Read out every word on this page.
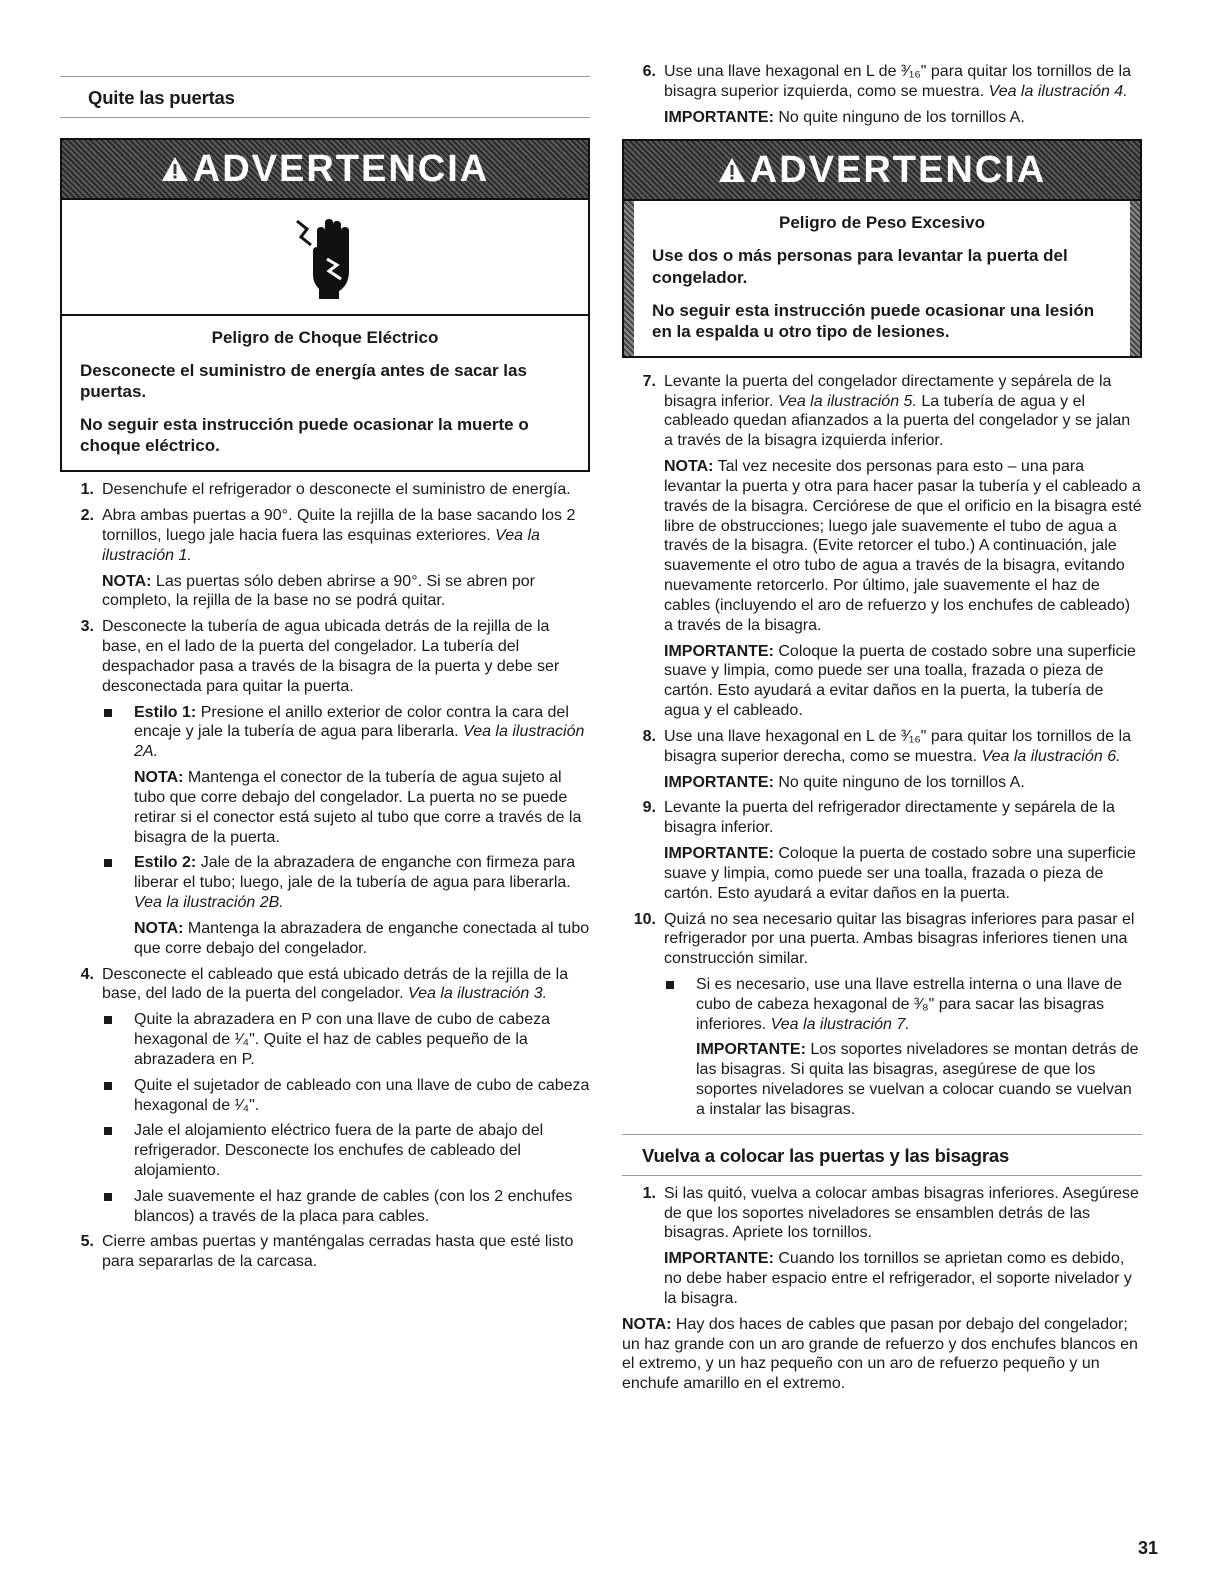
Quite las puertas
ADVERTENCIA
Peligro de Choque Eléctrico
Desconecte el suministro de energía antes de sacar las puertas.
No seguir esta instrucción puede ocasionar la muerte o choque eléctrico.
1. Desenchufe el refrigerador o desconecte el suministro de energía.

2. Abra ambas puertas a 90°. Quite la rejilla de la base sacando los 2 tornillos, luego jale hacia fuera las esquinas exteriores. Vea la ilustración 1.

NOTA: Las puertas sólo deben abrirse a 90°. Si se abren por completo, la rejilla de la base no se podrá quitar.

3. Desconecte la tubería de agua ubicada detrás de la rejilla de la base, en el lado de la puerta del congelador. La tubería del despachador pasa a través de la bisagra de la puerta y debe ser desconectada para quitar la puerta.

Estilo 1: Presione el anillo exterior de color contra la cara del encaje y jale la tubería de agua para liberarla. Vea la ilustración 2A.

NOTA: Mantenga el conector de la tubería de agua sujeto al tubo que corre debajo del congelador. La puerta no se puede retirar si el conector está sujeto al tubo que corre a través de la bisagra de la puerta.

Estilo 2: Jale de la abrazadera de enganche con firmeza para liberar el tubo; luego, jale de la tubería de agua para liberarla. Vea la ilustración 2B.

NOTA: Mantenga la abrazadera de enganche conectada al tubo que corre debajo del congelador.

4. Desconecte el cableado que está ubicado detrás de la rejilla de la base, del lado de la puerta del congelador. Vea la ilustración 3.

Quite la abrazadera en P con una llave de cubo de cabeza hexagonal de ¹⁄₄". Quite el haz de cables pequeño de la abrazadera en P.

Quite el sujetador de cableado con una llave de cubo de cabeza hexagonal de ¹⁄₄".

Jale el alojamiento eléctrico fuera de la parte de abajo del refrigerador. Desconecte los enchufes de cableado del alojamiento.

Jale suavemente el haz grande de cables (con los 2 enchufes blancos) a través de la placa para cables.

5. Cierre ambas puertas y manténgalas cerradas hasta que esté listo para separarlas de la carcasa.

6. Use una llave hexagonal en L de ³⁄₁₆" para quitar los tornillos de la bisagra superior izquierda, como se muestra. Vea la ilustración 4.

IMPORTANTE: No quite ninguno de los tornillos A.

ADVERTENCIA
Peligro de Peso Excesivo
Use dos o más personas para levantar la puerta del congelador.
No seguir esta instrucción puede ocasionar una lesión en la espalda u otro tipo de lesiones.
7. Levante la puerta del congelador directamente y sepárela de la bisagra inferior. Vea la ilustración 5. La tubería de agua y el cableado quedan afianzados a la puerta del congelador y se jalan a través de la bisagra izquierda inferior.

NOTA: Tal vez necesite dos personas para esto – una para levantar la puerta y otra para hacer pasar la tubería y el cableado a través de la bisagra. Cerciórese de que el orificio en la bisagra esté libre de obstrucciones; luego jale suavemente el tubo de agua a través de la bisagra. (Evite retorcer el tubo.) A continuación, jale suavemente el otro tubo de agua a través de la bisagra, evitando nuevamente retorcerlo. Por último, jale suavemente el haz de cables (incluyendo el aro de refuerzo y los enchufes de cableado) a través de la bisagra.

IMPORTANTE: Coloque la puerta de costado sobre una superficie suave y limpia, como puede ser una toalla, frazada o pieza de cartón. Esto ayudará a evitar daños en la puerta, la tubería de agua y el cableado.

8. Use una llave hexagonal en L de ³⁄₁₆" para quitar los tornillos de la bisagra superior derecha, como se muestra. Vea la ilustración 6.

IMPORTANTE: No quite ninguno de los tornillos A.

9. Levante la puerta del refrigerador directamente y sepárela de la bisagra inferior.

IMPORTANTE: Coloque la puerta de costado sobre una superficie suave y limpia, como puede ser una toalla, frazada o pieza de cartón. Esto ayudará a evitar daños en la puerta.

10. Quizá no sea necesario quitar las bisagras inferiores para pasar el refrigerador por una puerta. Ambas bisagras inferiores tienen una construcción similar.

Si es necesario, use una llave estrella interna o una llave de cubo de cabeza hexagonal de ³⁄₈" para sacar las bisagras inferiores. Vea la ilustración 7.

IMPORTANTE: Los soportes niveladores se montan detrás de las bisagras. Si quita las bisagras, asegúrese de que los soportes niveladores se vuelvan a colocar cuando se vuelvan a instalar las bisagras.

Vuelva a colocar las puertas y las bisagras
1. Si las quitó, vuelva a colocar ambas bisagras inferiores. Asegúrese de que los soportes niveladores se ensamblen detrás de las bisagras. Apriete los tornillos.

IMPORTANTE: Cuando los tornillos se aprietan como es debido, no debe haber espacio entre el refrigerador, el soporte nivelador y la bisagra.

NOTA: Hay dos haces de cables que pasan por debajo del congelador; un haz grande con un aro grande de refuerzo y dos enchufes blancos en el extremo, y un haz pequeño con un aro de refuerzo pequeño y un enchufe amarillo en el extremo.

31
